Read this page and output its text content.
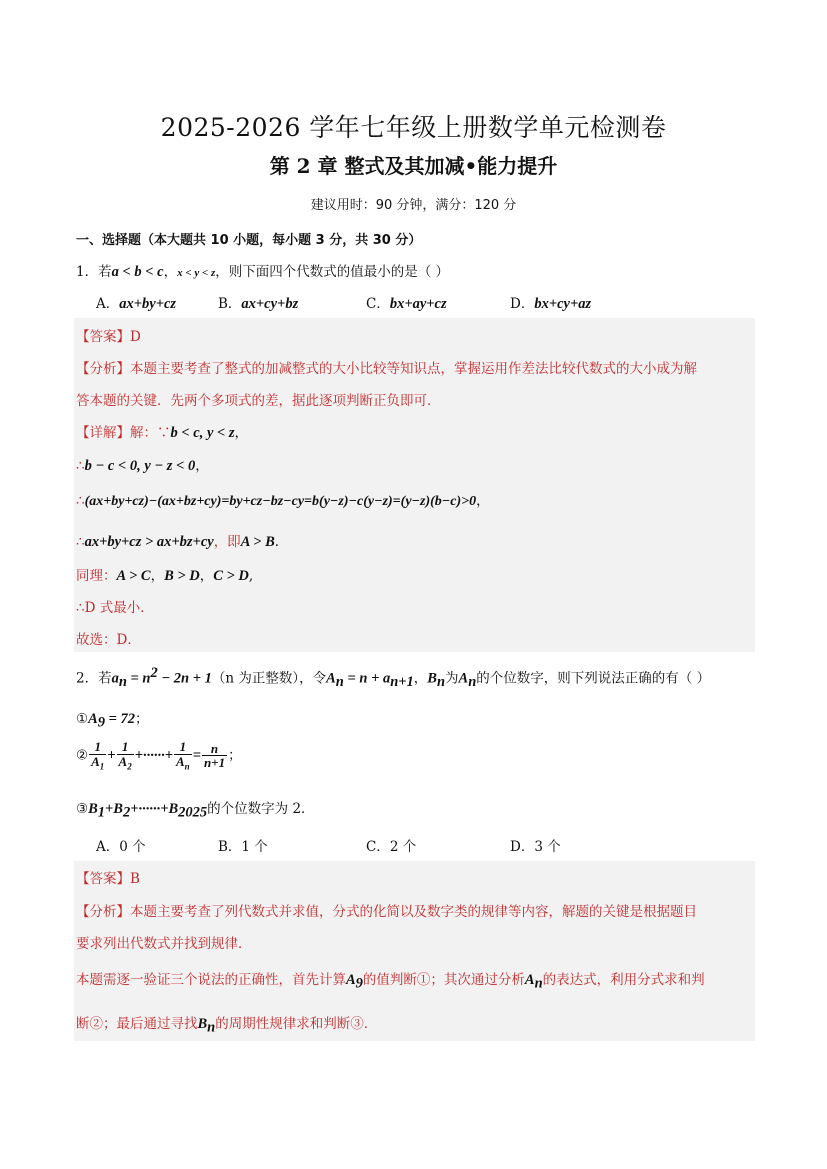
2025-2026 学年七年级上册数学单元检测卷
第 2 章 整式及其加减•能力提升
建议用时：90 分钟，满分：120 分
一、选择题（本大题共 10 小题，每小题 3 分，共 30 分）
1．若a < b < c，x < y < z，则下面四个代数式的值最小的是（ ）
A．ax+by+cz	B．ax+cy+bz	C．bx+ay+cz	D．bx+cy+az
【答案】D
【分析】本题主要考查了整式的加减整式的大小比较等知识点，掌握运用作差法比较代数式的大小成为解
答本题的关键．先两个多项式的差，据此逐项判断正负即可．
【详解】解：∵b < c, y < z，
∴b − c < 0, y − z < 0，
∴(ax+by+cz)−(ax+bz+cy)=by+cz−bz−cy=b(y−z)−c(y−z)=(y−z)(b−c)>0，
∴ax+by+cz > ax+bz+cy，即A > B．
同理：A > C，B > D，C > D,
∴D 式最小．
故选：D．
2．若$a_n = n^2 - 2n + 1(n$ 为正整数），令$A_n = n + a_{n+1}$，$B_n$为$A_n$的个位数字，则下列说法正确的有（ ）
$①A_9 = 72$；
② $\frac{1}{A_1} + \frac{1}{A_2}$ +······+ $\frac{1}{A_n} = \frac{n}{n+1}$ ；
$③B_1+B_2+\cdot\cdot\cdot\cdot\cdot\cdot+B_{2025}$的个位数字为 2．
A．0 个	B．1 个	C．2 个	D．3 个
【答案】B
【分析】本题主要考查了列代数式并求值，分式的化简以及数字类的规律等内容，解题的关键是根据题目
要求列出代数式并找到规律．
本题需逐一验证三个说法的正确性，首先计算$A_9$的值判断①；其次通过分析$A_n$的表达式，利用分式求和判
断②；最后通过寻找$B_n$的周期性规律求和判断③．
